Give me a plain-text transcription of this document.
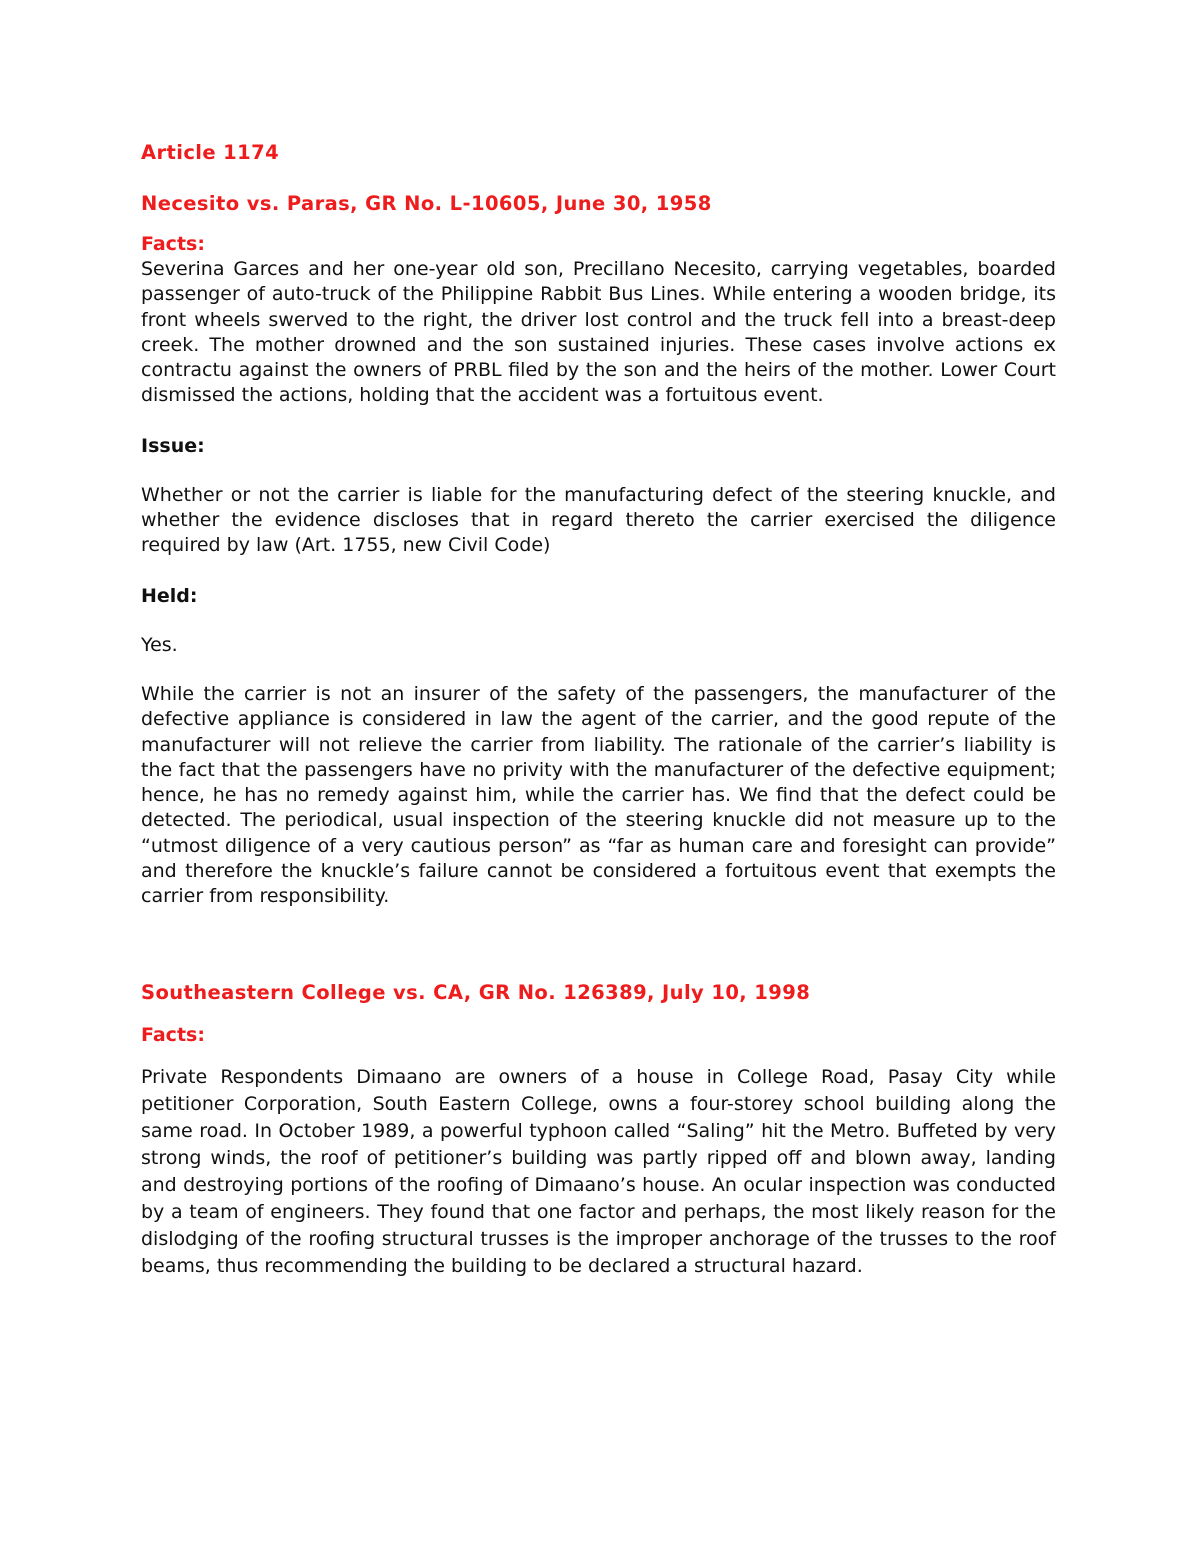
Article 1174

Necesito vs. Paras, GR No. L-10605, June 30, 1958

Facts:

Severina Garces and her one-year old son, Precillano Necesito, carrying vegetables, boarded passenger of auto-truck of the Philippine Rabbit Bus Lines. While entering a wooden bridge, its front wheels swerved to the right, the driver lost control and the truck fell into a breast-deep creek. The mother drowned and the son sustained injuries. These cases involve actions ex contractu against the owners of PRBL filed by the son and the heirs of the mother. Lower Court dismissed the actions, holding that the accident was a fortuitous event.

Issue:

Whether or not the carrier is liable for the manufacturing defect of the steering knuckle, and whether the evidence discloses that in regard thereto the carrier exercised the diligence required by law (Art. 1755, new Civil Code)

Held:

Yes.

While the carrier is not an insurer of the safety of the passengers, the manufacturer of the defective appliance is considered in law the agent of the carrier, and the good repute of the manufacturer will not relieve the carrier from liability. The rationale of the carrier’s liability is the fact that the passengers have no privity with the manufacturer of the defective equipment; hence, he has no remedy against him, while the carrier has. We find that the defect could be detected. The periodical, usual inspection of the steering knuckle did not measure up to the “utmost diligence of a very cautious person” as “far as human care and foresight can provide” and therefore the knuckle’s failure cannot be considered a fortuitous event that exempts the carrier from responsibility.

Southeastern College vs. CA, GR No. 126389, July 10, 1998

Facts:

Private Respondents Dimaano are owners of a house in College Road, Pasay City while petitioner Corporation, South Eastern College, owns a four-storey school building along the same road. In October 1989, a powerful typhoon called “Saling” hit the Metro. Buffeted by very strong winds, the roof of petitioner’s building was partly ripped off and blown away, landing and destroying portions of the roofing of Dimaano’s house. An ocular inspection was conducted by a team of engineers. They found that one factor and perhaps, the most likely reason for the dislodging of the roofing structural trusses is the improper anchorage of the trusses to the roof beams, thus recommending the building to be declared a structural hazard.
